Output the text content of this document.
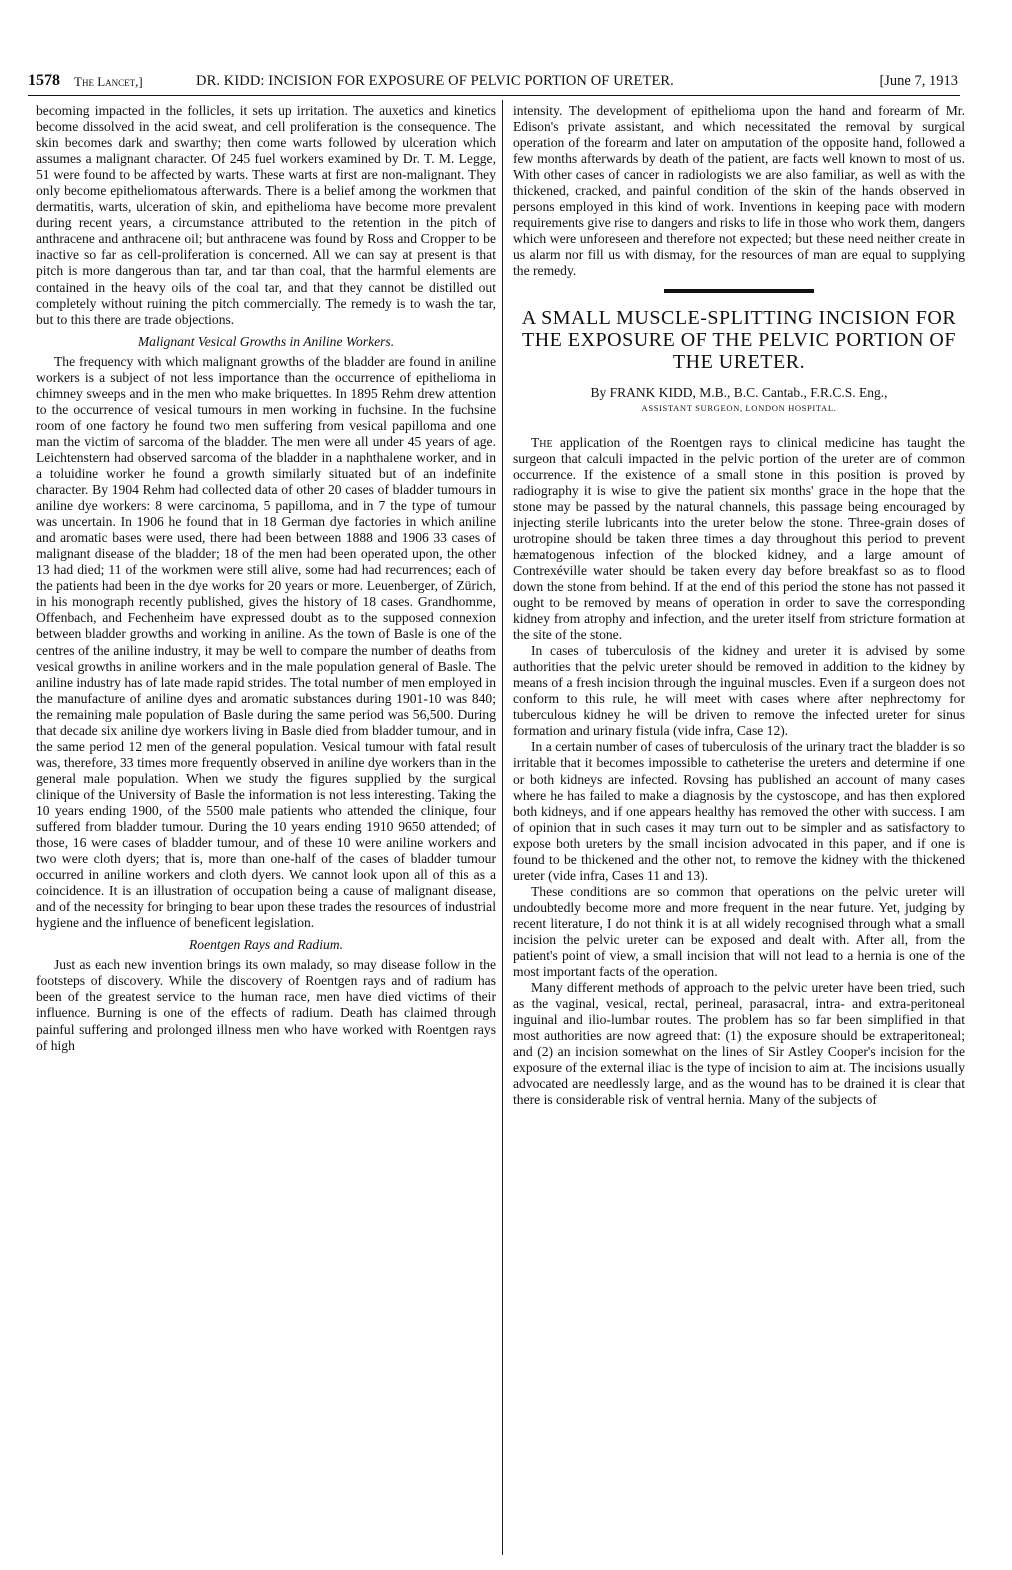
1578 The Lancet,]	DR. KIDD: INCISION FOR EXPOSURE OF PELVIC PORTION OF URETER.	[June 7, 1913

becoming impacted in the follicles, it sets up irritation. The auxetics and kinetics become dissolved in the acid sweat, and cell proliferation is the consequence. The skin becomes dark and swarthy; then come warts followed by ulceration which assumes a malignant character. Of 245 fuel workers examined by Dr. T. M. Legge, 51 were found to be affected by warts. These warts at first are non-malignant. They only become epitheliomatous afterwards. There is a belief among the workmen that dermatitis, warts, ulceration of skin, and epithelioma have become more prevalent during recent years, a circumstance attributed to the retention in the pitch of anthracene and anthracene oil; but anthracene was found by Ross and Cropper to be inactive so far as cell-proliferation is concerned. All we can say at present is that pitch is more dangerous than tar, and tar than coal, that the harmful elements are contained in the heavy oils of the coal tar, and that they cannot be distilled out completely without ruining the pitch commercially. The remedy is to wash the tar, but to this there are trade objections.

Malignant Vesical Growths in Aniline Workers.

The frequency with which malignant growths of the bladder are found in aniline workers is a subject of not less importance than the occurrence of epithelioma in chimney sweeps and in the men who make briquettes. In 1895 Rehm drew attention to the occurrence of vesical tumours in men working in fuchsine. In the fuchsine room of one factory he found two men suffering from vesical papilloma and one man the victim of sarcoma of the bladder. The men were all under 45 years of age. Leichtenstern had observed sarcoma of the bladder in a naphthalene worker, and in a toluidine worker he found a growth similarly situated but of an indefinite character. By 1904 Rehm had collected data of other 20 cases of bladder tumours in aniline dye workers: 8 were carcinoma, 5 papilloma, and in 7 the type of tumour was uncertain. In 1906 he found that in 18 German dye factories in which aniline and aromatic bases were used, there had been between 1888 and 1906 33 cases of malignant disease of the bladder; 18 of the men had been operated upon, the other 13 had died; 11 of the workmen were still alive, some had had recurrences; each of the patients had been in the dye works for 20 years or more. Leuenberger, of Zürich, in his monograph recently published, gives the history of 18 cases. Grandhomme, Offenbach, and Fechenheim have expressed doubt as to the supposed connexion between bladder growths and working in aniline. As the town of Basle is one of the centres of the aniline industry, it may be well to compare the number of deaths from vesical growths in aniline workers and in the male population general of Basle. The aniline industry has of late made rapid strides. The total number of men employed in the manufacture of aniline dyes and aromatic substances during 1901-10 was 840; the remaining male population of Basle during the same period was 56,500. During that decade six aniline dye workers living in Basle died from bladder tumour, and in the same period 12 men of the general population. Vesical tumour with fatal result was, therefore, 33 times more frequently observed in aniline dye workers than in the general male population. When we study the figures supplied by the surgical clinique of the University of Basle the information is not less interesting. Taking the 10 years ending 1900, of the 5500 male patients who attended the clinique, four suffered from bladder tumour. During the 10 years ending 1910 9650 attended; of those, 16 were cases of bladder tumour, and of these 10 were aniline workers and two were cloth dyers; that is, more than one-half of the cases of bladder tumour occurred in aniline workers and cloth dyers. We cannot look upon all of this as a coincidence. It is an illustration of occupation being a cause of malignant disease, and of the necessity for bringing to bear upon these trades the resources of industrial hygiene and the influence of beneficent legislation.

Roentgen Rays and Radium.

Just as each new invention brings its own malady, so may disease follow in the footsteps of discovery. While the discovery of Roentgen rays and of radium has been of the greatest service to the human race, men have died victims of their influence. Burning is one of the effects of radium. Death has claimed through painful suffering and prolonged illness men who have worked with Roentgen rays of high

intensity. The development of epithelioma upon the hand and forearm of Mr. Edison's private assistant, and which necessitated the removal by surgical operation of the forearm and later on amputation of the opposite hand, followed a few months afterwards by death of the patient, are facts well known to most of us. With other cases of cancer in radiologists we are also familiar, as well as with the thickened, cracked, and painful condition of the skin of the hands observed in persons employed in this kind of work. Inventions in keeping pace with modern requirements give rise to dangers and risks to life in those who work them, dangers which were unforeseen and therefore not expected; but these need neither create in us alarm nor fill us with dismay, for the resources of man are equal to supplying the remedy.

A SMALL MUSCLE-SPLITTING INCISION FOR THE EXPOSURE OF THE PELVIC PORTION OF THE URETER.
By FRANK KIDD, M.B., B.C. Cantab., F.R.C.S. Eng.,
ASSISTANT SURGEON, LONDON HOSPITAL.

The application of the Roentgen rays to clinical medicine has taught the surgeon that calculi impacted in the pelvic portion of the ureter are of common occurrence. If the existence of a small stone in this position is proved by radiography it is wise to give the patient six months' grace in the hope that the stone may be passed by the natural channels, this passage being encouraged by injecting sterile lubricants into the ureter below the stone. Three-grain doses of urotropine should be taken three times a day throughout this period to prevent hæmatogenous infection of the blocked kidney, and a large amount of Contrexéville water should be taken every day before breakfast so as to flood down the stone from behind. If at the end of this period the stone has not passed it ought to be removed by means of operation in order to save the corresponding kidney from atrophy and infection, and the ureter itself from stricture formation at the site of the stone.

In cases of tuberculosis of the kidney and ureter it is advised by some authorities that the pelvic ureter should be removed in addition to the kidney by means of a fresh incision through the inguinal muscles. Even if a surgeon does not conform to this rule, he will meet with cases where after nephrectomy for tuberculous kidney he will be driven to remove the infected ureter for sinus formation and urinary fistula (vide infra, Case 12).

In a certain number of cases of tuberculosis of the urinary tract the bladder is so irritable that it becomes impossible to catheterise the ureters and determine if one or both kidneys are infected. Rovsing has published an account of many cases where he has failed to make a diagnosis by the cystoscope, and has then explored both kidneys, and if one appears healthy has removed the other with success. I am of opinion that in such cases it may turn out to be simpler and as satisfactory to expose both ureters by the small incision advocated in this paper, and if one is found to be thickened and the other not, to remove the kidney with the thickened ureter (vide infra, Cases 11 and 13).

These conditions are so common that operations on the pelvic ureter will undoubtedly become more and more frequent in the near future. Yet, judging by recent literature, I do not think it is at all widely recognised through what a small incision the pelvic ureter can be exposed and dealt with. After all, from the patient's point of view, a small incision that will not lead to a hernia is one of the most important facts of the operation.

Many different methods of approach to the pelvic ureter have been tried, such as the vaginal, vesical, rectal, perineal, parasacral, intra- and extra-peritoneal inguinal and ilio-lumbar routes. The problem has so far been simplified in that most authorities are now agreed that: (1) the exposure should be extraperitoneal; and (2) an incision somewhat on the lines of Sir Astley Cooper's incision for the exposure of the external iliac is the type of incision to aim at. The incisions usually advocated are needlessly large, and as the wound has to be drained it is clear that there is considerable risk of ventral hernia. Many of the subjects of
